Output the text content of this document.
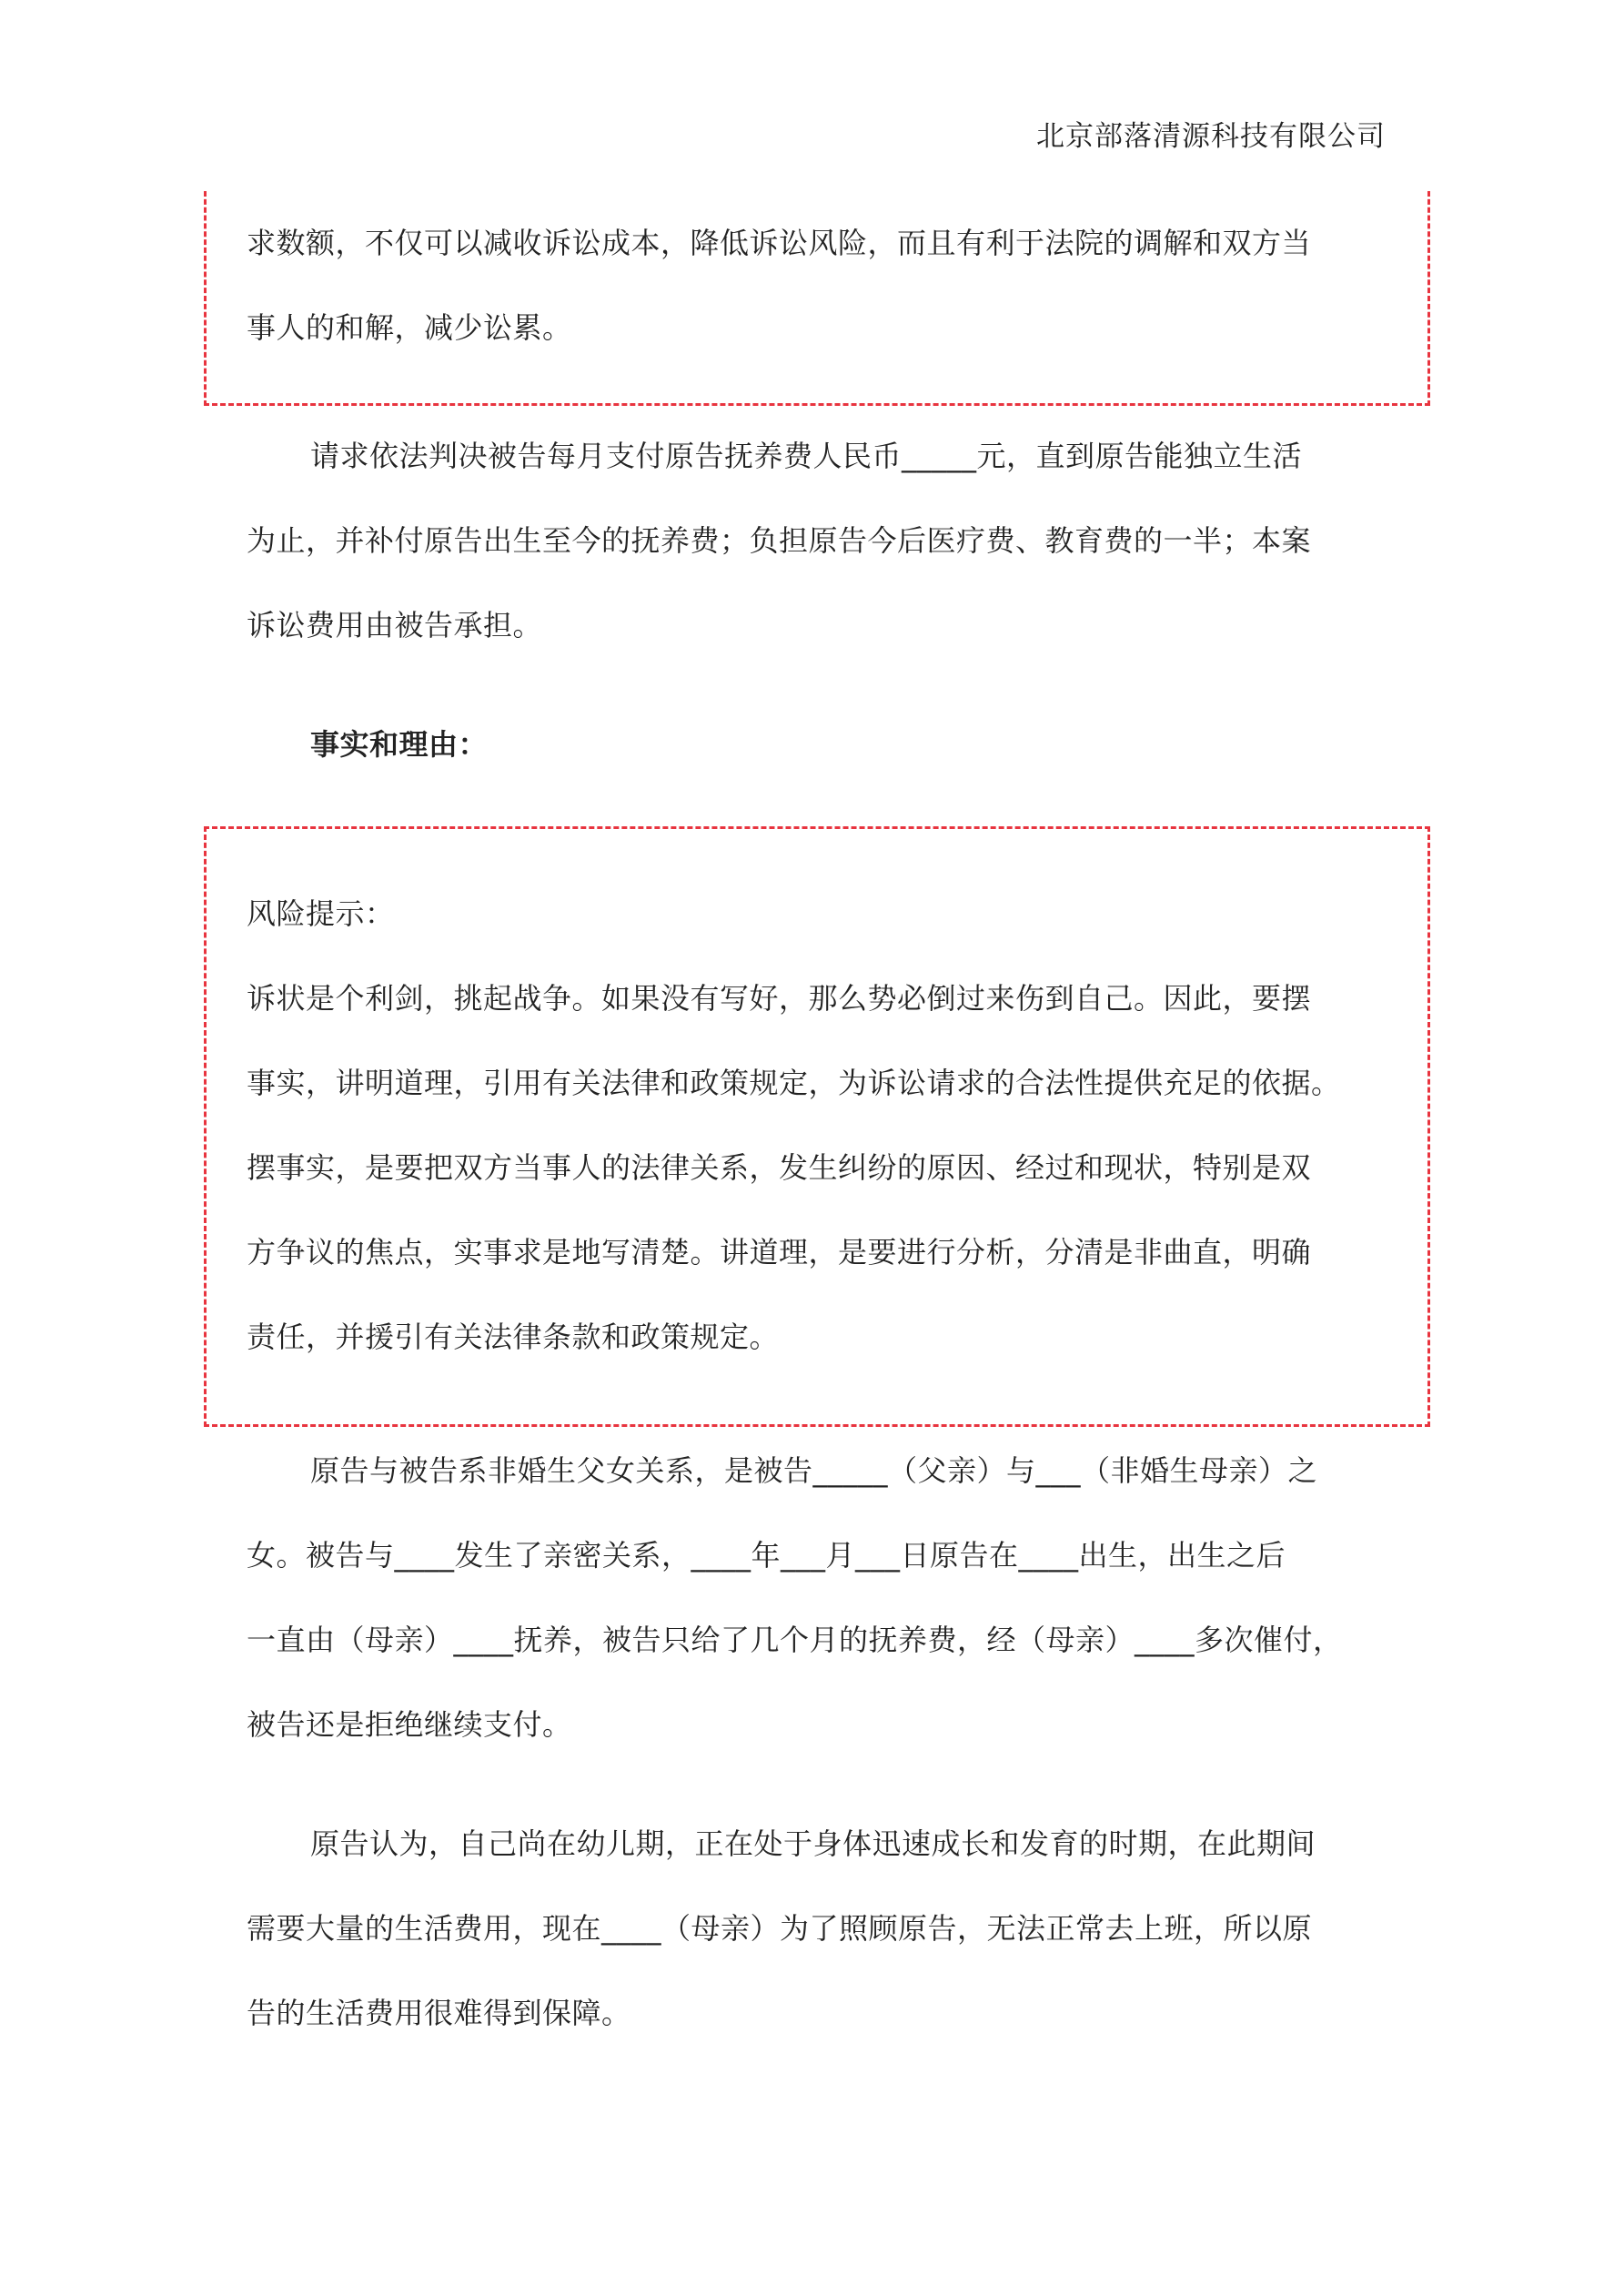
北京部落清源科技有限公司
求数额，不仅可以减收诉讼成本，降低诉讼风险，而且有利于法院的调解和双方当
事人的和解，减少讼累。
请求依法判决被告每月支付原告抚养费人民币_____元，直到原告能独立生活
为止，并补付原告出生至今的抚养费；负担原告今后医疗费、教育费的一半；本案
诉讼费用由被告承担。
事实和理由：
风险提示：
诉状是个利剑，挑起战争。如果没有写好，那么势必倒过来伤到自己。因此，要摆
事实，讲明道理，引用有关法律和政策规定，为诉讼请求的合法性提供充足的依据。
摆事实，是要把双方当事人的法律关系，发生纠纷的原因、经过和现状，特别是双
方争议的焦点，实事求是地写清楚。讲道理，是要进行分析，分清是非曲直，明确
责任，并援引有关法律条款和政策规定。
原告与被告系非婚生父女关系，是被告_____（父亲）与___（非婚生母亲）之
女。被告与____发生了亲密关系，____年___月___日原告在____出生，出生之后
一直由（母亲）____抚养，被告只给了几个月的抚养费，经（母亲）____多次催付，
被告还是拒绝继续支付。
原告认为，自己尚在幼儿期，正在处于身体迅速成长和发育的时期，在此期间
需要大量的生活费用，现在____（母亲）为了照顾原告，无法正常去上班，所以原
告的生活费用很难得到保障。
